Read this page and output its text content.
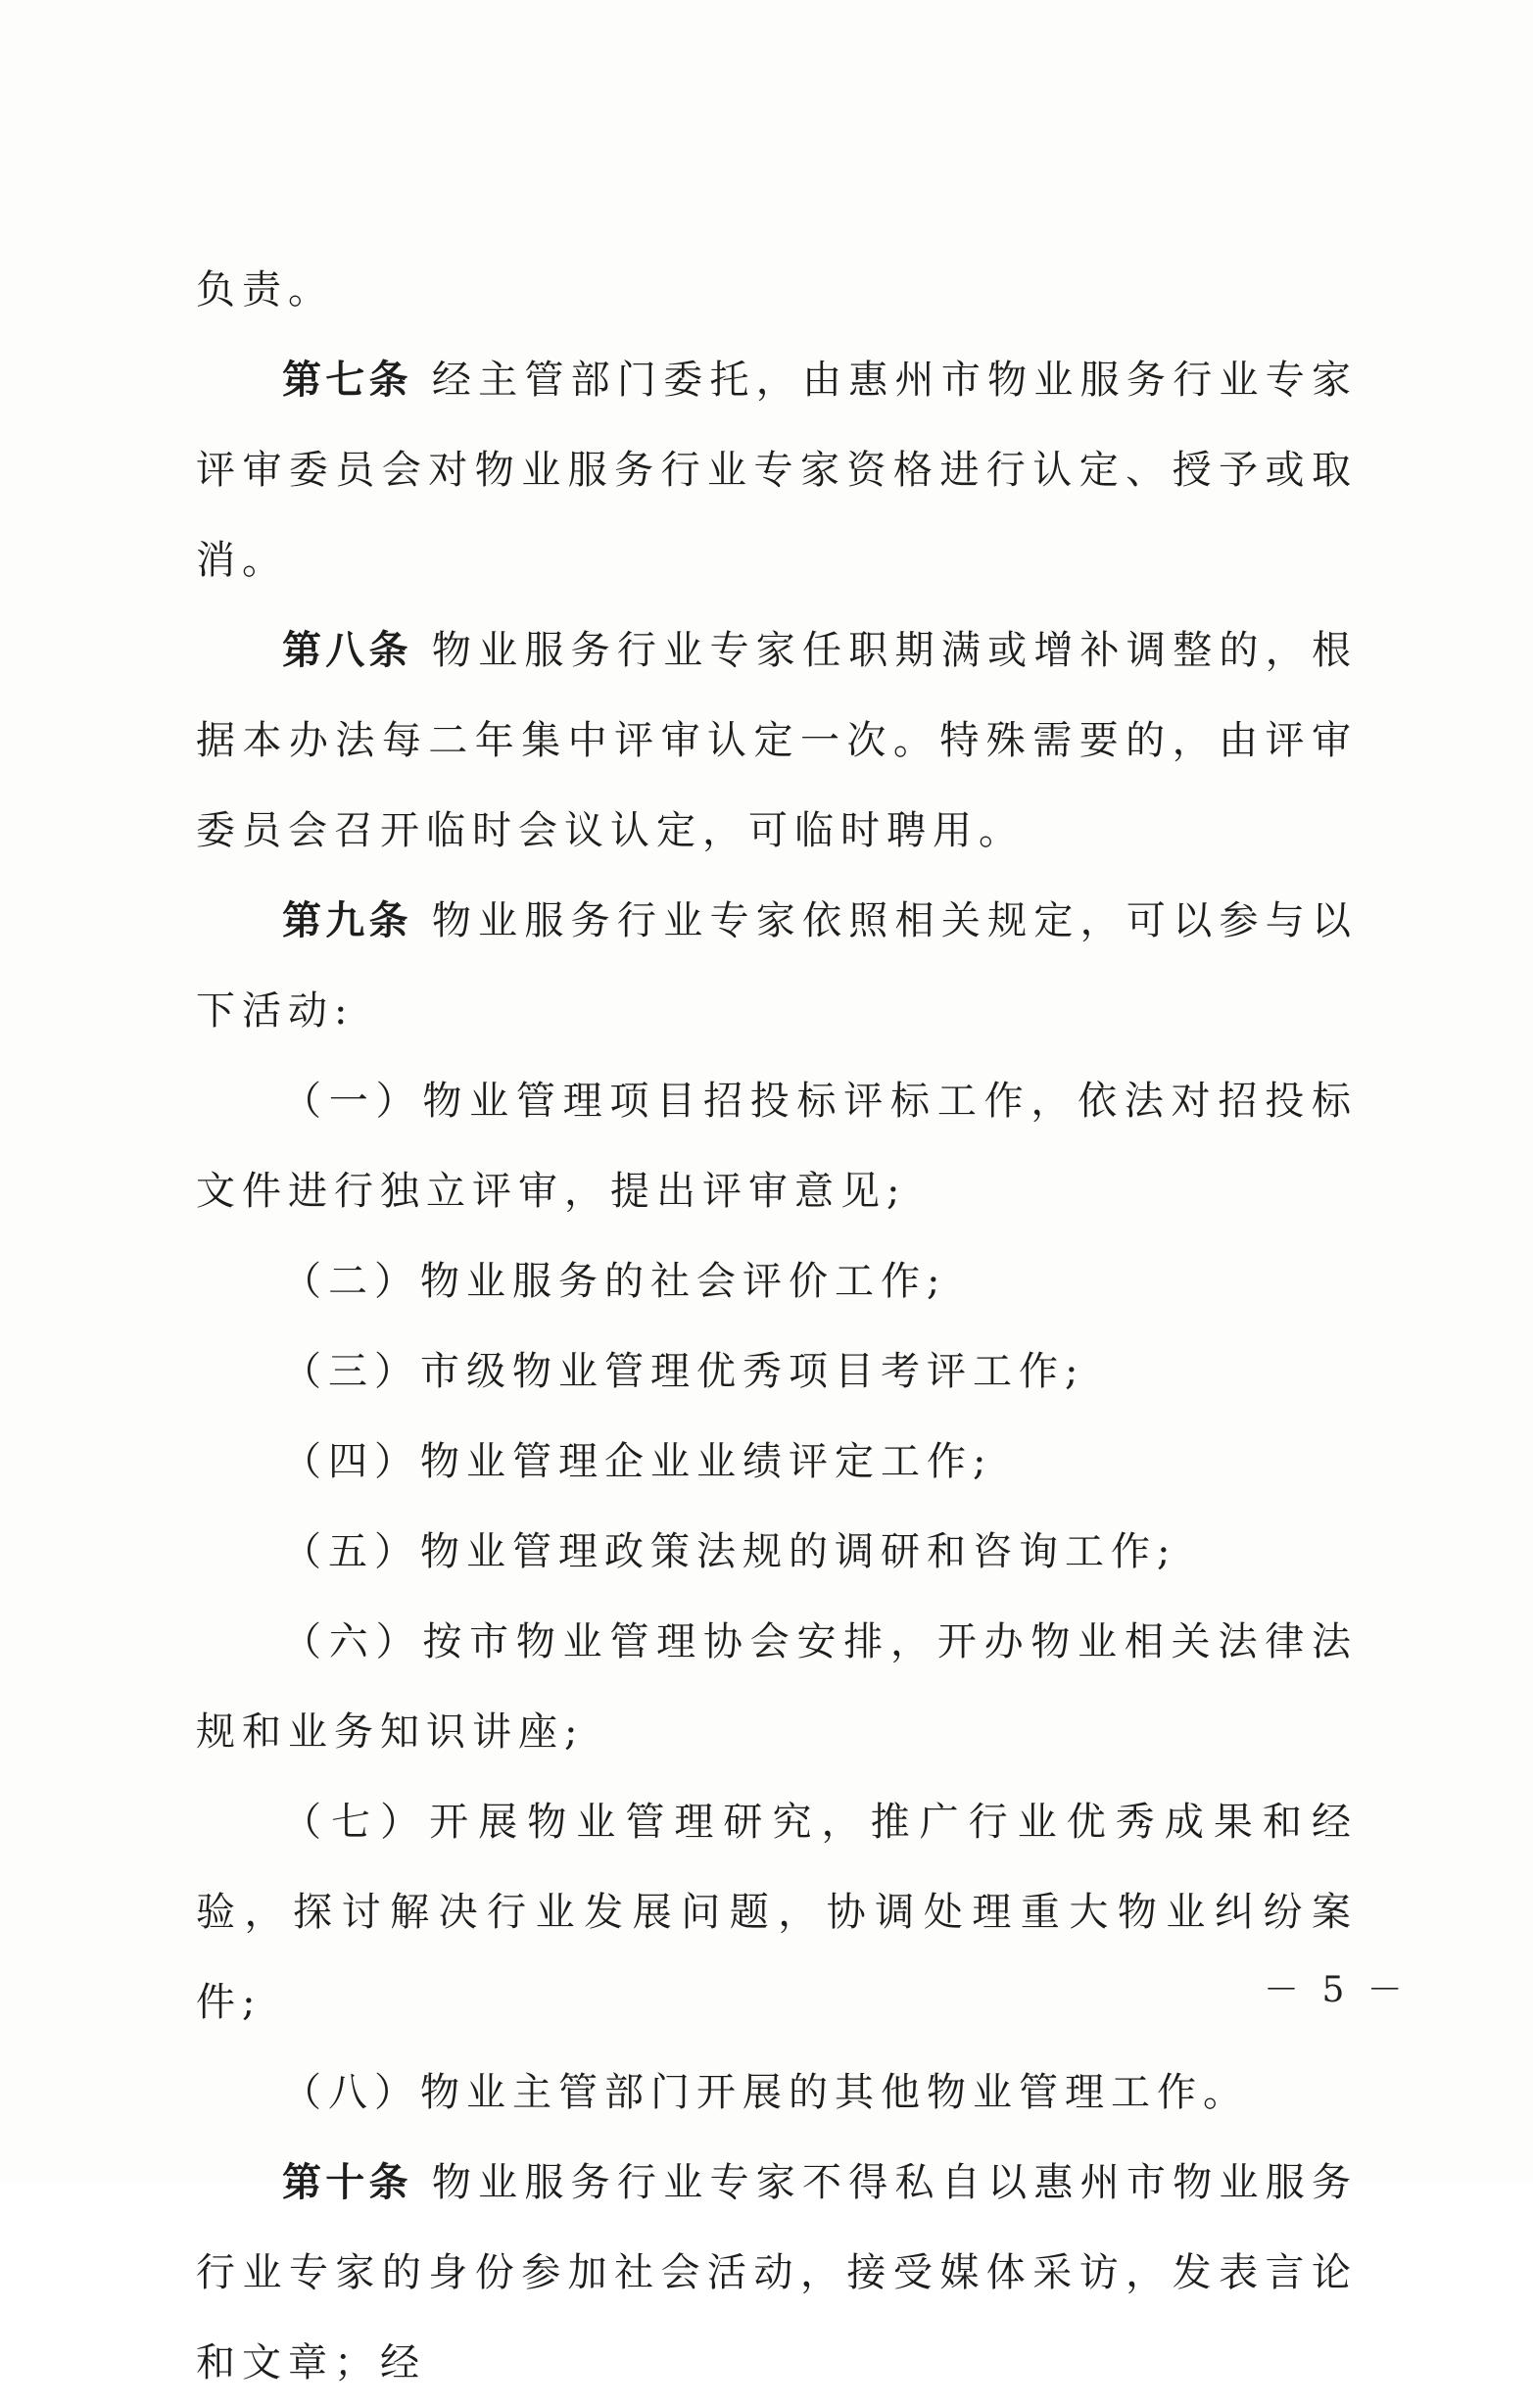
负责。

第七条 经主管部门委托，由惠州市物业服务行业专家评审委员会对物业服务行业专家资格进行认定、授予或取消。

第八条 物业服务行业专家任职期满或增补调整的，根据本办法每二年集中评审认定一次。特殊需要的，由评审委员会召开临时会议认定，可临时聘用。

第九条 物业服务行业专家依照相关规定，可以参与以下活动:

（一）物业管理项目招投标评标工作，依法对招投标文件进行独立评审，提出评审意见;

（二）物业服务的社会评价工作;

（三）市级物业管理优秀项目考评工作;

（四）物业管理企业业绩评定工作;

（五）物业管理政策法规的调研和咨询工作;

（六）按市物业管理协会安排，开办物业相关法律法规和业务知识讲座;

（七）开展物业管理研究，推广行业优秀成果和经验，探讨解决行业发展问题，协调处理重大物业纠纷案件;

（八）物业主管部门开展的其他物业管理工作。

第十条 物业服务行业专家不得私自以惠州市物业服务行业专家的身份参加社会活动，接受媒体采访，发表言论和文章；经

－ 5 －
